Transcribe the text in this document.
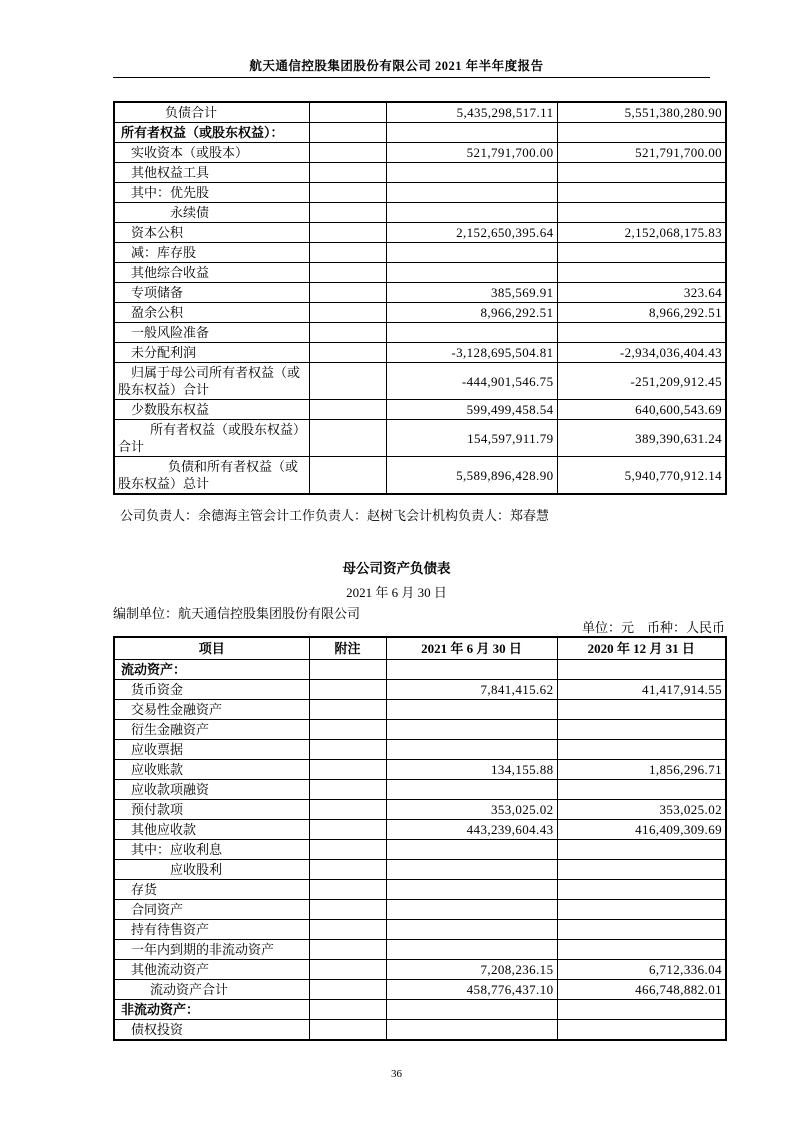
航天通信控股集团股份有限公司 2021 年半年度报告
负债合计		5,435,298,517.11	5,551,380,280.90
所有者权益（或股东权益）：			
实收资本（或股本）		521,791,700.00	521,791,700.00
其他权益工具			
其中：优先股			
永续债			
资本公积		2,152,650,395.64	2,152,068,175.83
减：库存股			
其他综合收益			
专项储备		385,569.91	323.64
盈余公积		8,966,292.51	8,966,292.51
一般风险准备			
未分配利润		-3,128,695,504.81	-2,934,036,404.43
归属于母公司所有者权益（或股东权益）合计		-444,901,546.75	-251,209,912.45
少数股东权益		599,499,458.54	640,600,543.69
所有者权益（或股东权益）合计		154,597,911.79	389,390,631.24
负债和所有者权益（或股东权益）总计		5,589,896,428.90	5,940,770,912.14
公司负责人：余德海主管会计工作负责人：赵树飞会计机构负责人：郑春慧
母公司资产负债表
2021 年 6 月 30 日
编制单位：航天通信控股集团股份有限公司
单位：元　币种：人民币
项目	附注	2021 年 6 月 30 日	2020 年 12 月 31 日
流动资产：			
货币资金		7,841,415.62	41,417,914.55
交易性金融资产			
衍生金融资产			
应收票据			
应收账款		134,155.88	1,856,296.71
应收款项融资			
预付款项		353,025.02	353,025.02
其他应收款		443,239,604.43	416,409,309.69
其中：应收利息			
应收股利			
存货			
合同资产			
持有待售资产			
一年内到期的非流动资产			
其他流动资产		7,208,236.15	6,712,336.04
流动资产合计		458,776,437.10	466,748,882.01
非流动资产：			
债权投资			
36
